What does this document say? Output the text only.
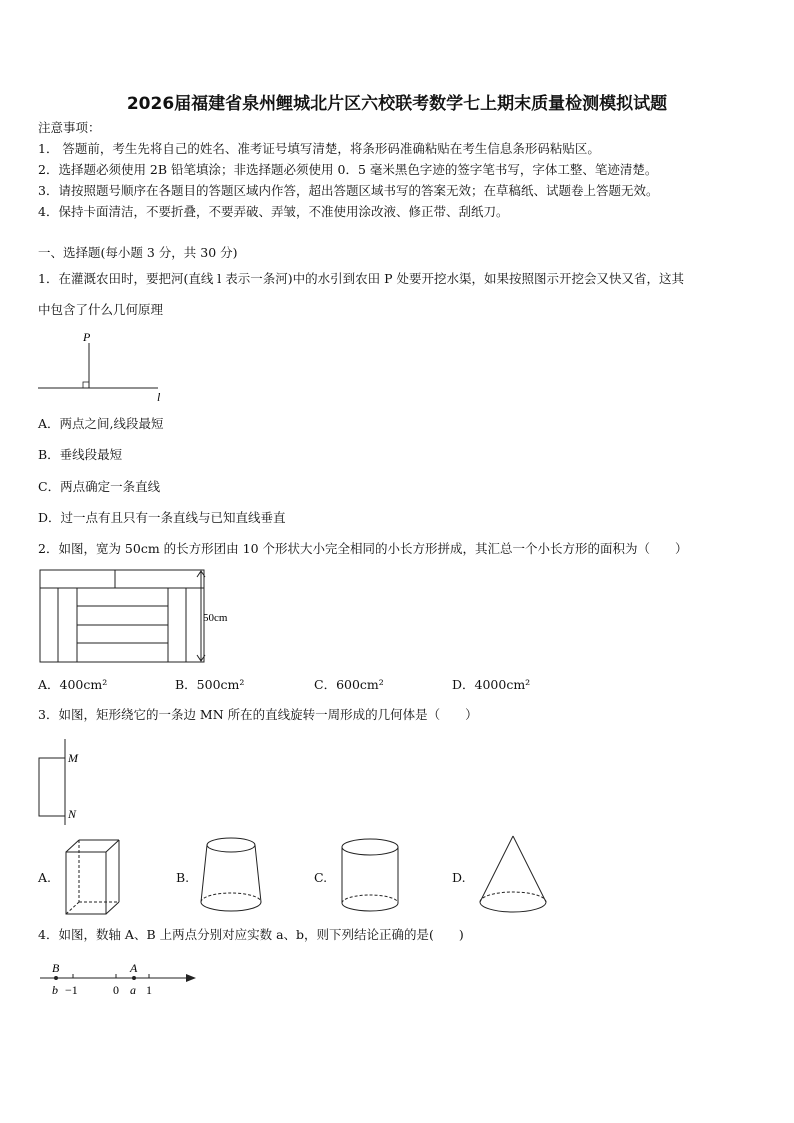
2026届福建省泉州鲤城北片区六校联考数学七上期末质量检测模拟试题
注意事项：
1． 答题前，考生先将自己的姓名、准考证号填写清楚，将条形码准确粘贴在考生信息条形码粘贴区。
2．选择题必须使用 2B 铅笔填涂；非选择题必须使用 0．5 毫米黑色字迹的签字笔书写，字体工整、笔迹清楚。
3．请按照题号顺序在各题目的答题区域内作答，超出答题区域书写的答案无效；在草稿纸、试题卷上答题无效。
4．保持卡面清洁，不要折叠，不要弄破、弄皱，不准使用涂改液、修正带、刮纸刀。
一、选择题(每小题 3 分，共 30 分)
1．在灌溉农田时，要把河(直线 l 表示一条河)中的水引到农田 P 处要开挖水渠，如果按照图示开挖会又快又省，这其
中包含了什么几何原理
P
l
A．两点之间,线段最短
B．垂线段最短
C．两点确定一条直线
D．过一点有且只有一条直线与已知直线垂直
2．如图，宽为 50cm 的长方形团由 10 个形状大小完全相同的小长方形拼成，其汇总一个小长方形的面积为（　　）
50cm
A．400cm²	B．500cm²	C．600cm²	D．4000cm²
3．如图，矩形绕它的一条边 MN 所在的直线旋转一周形成的几何体是（　　）
M
N
A.	B.	C.	D.
4．如图，数轴 A、B 上两点分别对应实数 a、b，则下列结论正确的是(　　)
B	A
b −1	0 a 1
